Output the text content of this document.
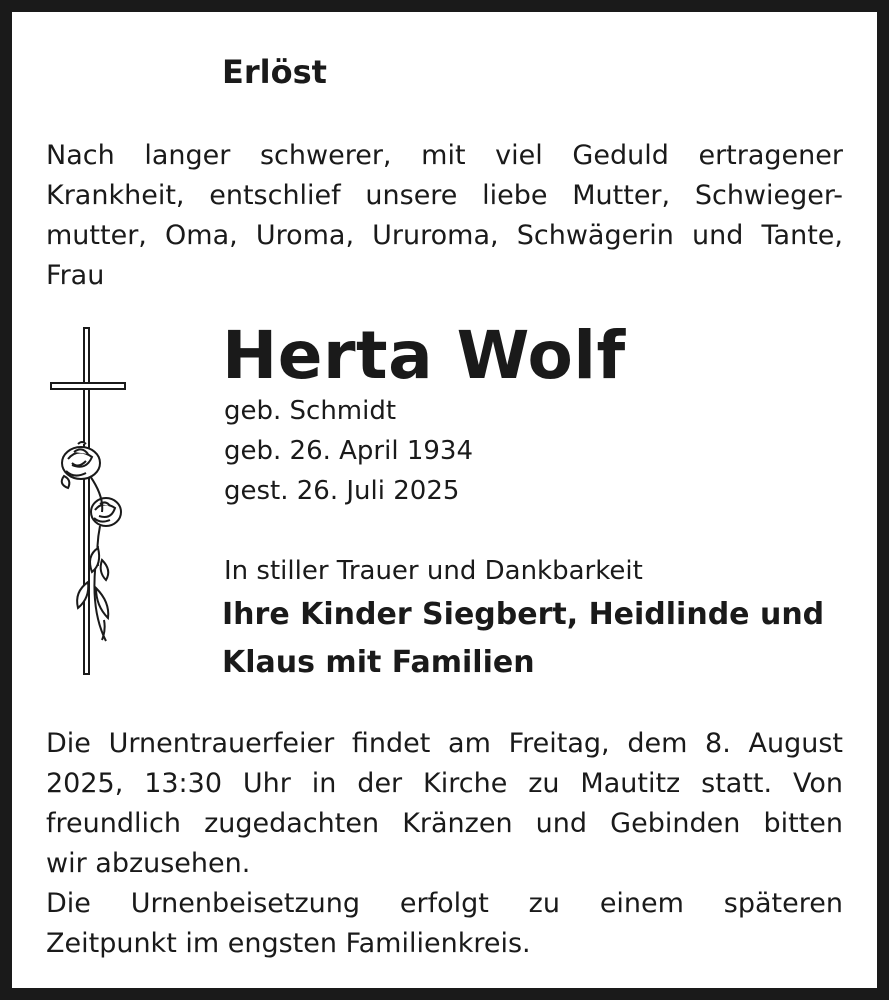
Erlöst
Nach langer schwerer, mit viel Geduld ertragener
Krankheit, entschlief unsere liebe Mutter, Schwieger-
mutter, Oma, Uroma, Ururoma, Schwägerin und Tante,
Frau
Herta Wolf
geb. Schmidt
geb. 26. April 1934
gest. 26. Juli 2025
In stiller Trauer und Dankbarkeit
Ihre Kinder Siegbert, Heidlinde und
Klaus mit Familien
Die Urnentrauerfeier findet am Freitag, dem 8. August
2025, 13:30 Uhr in der Kirche zu Mautitz statt. Von
freundlich zugedachten Kränzen und Gebinden bitten
wir abzusehen.
Die Urnenbeisetzung erfolgt zu einem späteren
Zeitpunkt im engsten Familienkreis.
